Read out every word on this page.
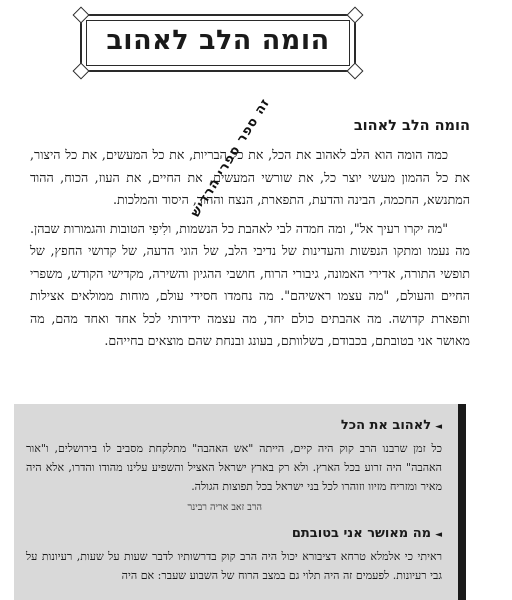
הומה הלב לאהוב
הומה הלב לאהוב

כמה הומה הוא הלב לאהוב את הכל, את כל הבריות, את כל המעשים, את כל היצור, את כל ההמון מעשי יוצר כל, את שורשי המעשים, את החיים, את העוז, הכוח, ההוד המתנשא, החכמה, הבינה והדעת, התפארת, הנצח וההוד, היסוד והמלכות.

"מה יקרו רעיך אל", ומה חמדה לבי לאהבת כל הנשמות, ולִיפִי הטובות והגמורות שבהן. מה נעמו ומתקו הנפשות והעדינות של נדיבי הלב, של הוגי הדעה, של קדושי החפץ, של תופשי התורה, אדירי האמונה, גיבורי הרוח, חושבי ההגיון והשירה, מקדישי הקודש, משפרי החיים והעולם, "מה עצמו ראשיהם". מה נחמדו חסידי עולם, מוחות ממולאים אצילות ותפארת קדושה. מה אהבתים כולם יחד, מה עצמה ידידותי לכל אחד ואחד מהם, מה מאושר אני בטובתם, בכבודם, בשלוותם, בעונג ובנחת שהם מוצאים בחייהם.

זה ספר ספרי הרדיש
◄לאהוב את הכל

כל זמן שרבנו הרב קוק היה קיים, הייתה "אש האהבה" מתלקחת מסביב לו בירושלים, ו"אור האהבה" היה זרוע בכל הארץ. ולא רק בארץ ישראל האציל והשפיע עלינו מהודו והדרו, אלא היה מאיר ומזריח מזיוו וזוהרו לכל בני ישראל בכל תפוצות הגולה.

הרב זאב אריה רבינר
◄מה מאושר אני בטובתם

ראיתי כי אלמלא טרחא דציבורא יכול היה הרב קוק בדרשותיו לדבר שעות על שעות, רעיונות על גבי רעיונות. לפעמים זה היה תלוי גם במצב הרוח של השבוע שעבר: אם היה
